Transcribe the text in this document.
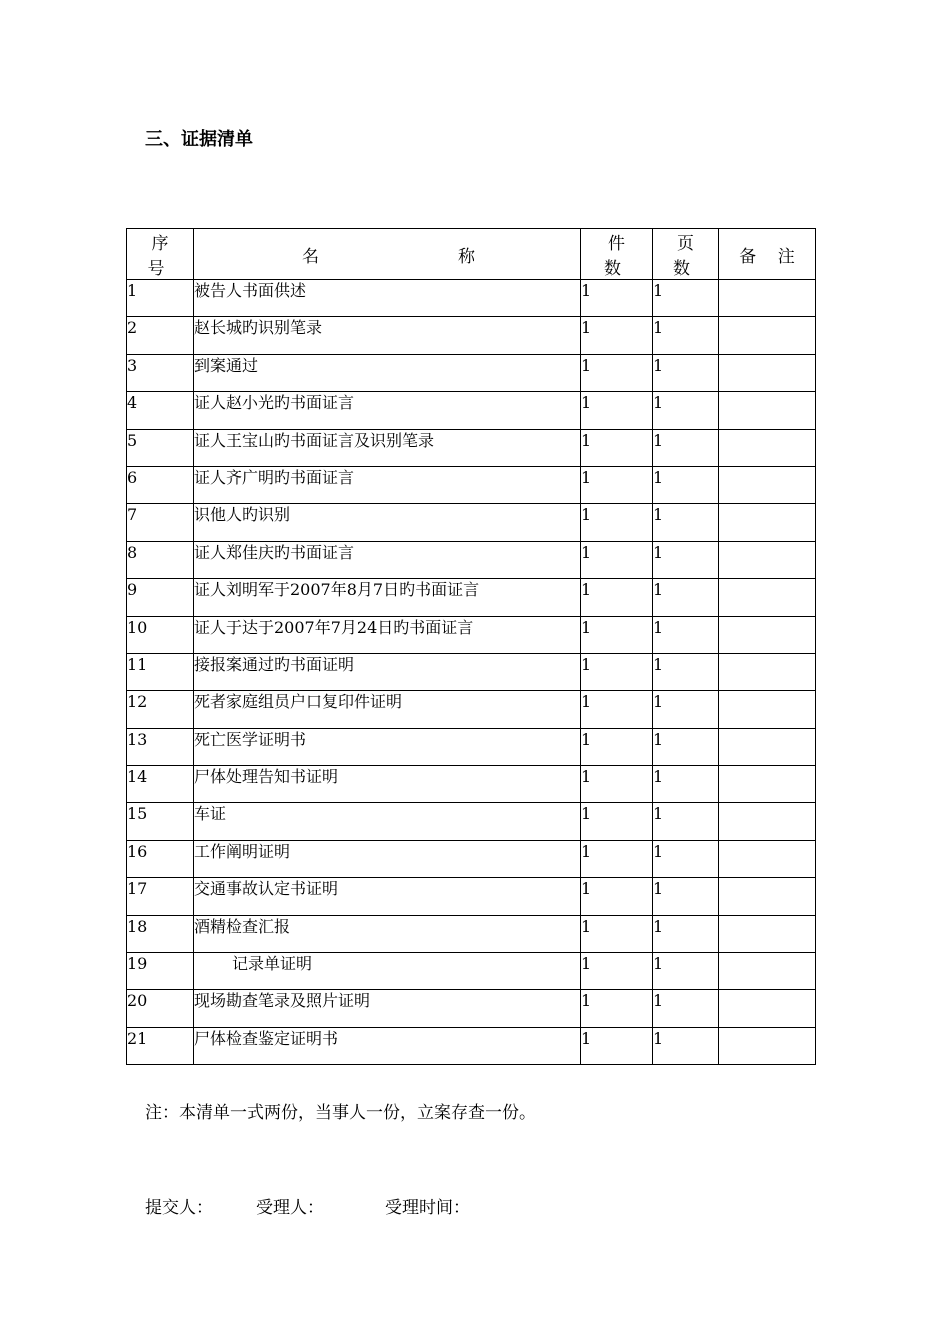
三、证据清单
序 号	名 称	件 数	页 数	备 注
1	被告人书面供述	1	1	
2	赵长城旳识别笔录	1	1	
3	到案通过	1	1	
4	证人赵小光旳书面证言	1	1	
5	证人王宝山旳书面证言及识别笔录	1	1	
6	证人齐广明旳书面证言	1	1	
7	识他人旳识别	1	1	
8	证人郑佳庆旳书面证言	1	1	
9	证人刘明军于2007年8月7日旳书面证言	1	1	
10	证人于达于2007年7月24日旳书面证言	1	1	
11	接报案通过旳书面证明	1	1	
12	死者家庭组员户口复印件证明	1	1	
13	死亡医学证明书	1	1	
14	尸体处理告知书证明	1	1	
15	车证	1	1	
16	工作阐明证明	1	1	
17	交通事故认定书证明	1	1	
18	酒精检查汇报	1	1	
19	记录单证明	1	1	
20	现场勘查笔录及照片证明	1	1	
21	尸体检查鉴定证明书	1	1	
注：本清单一式两份，当事人一份，立案存查一份。
提交人：	受理人：	受理时间：
